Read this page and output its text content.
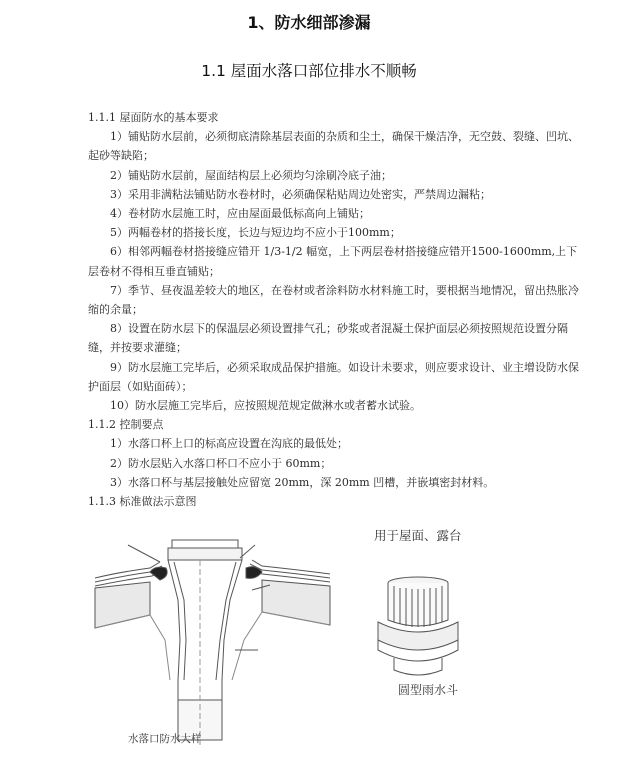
1、防水细部渗漏
1.1 屋面水落口部位排水不顺畅

1.1.1 屋面防水的基本要求

1）铺贴防水层前，必须彻底清除基层表面的杂质和尘土，确保干燥洁净，无空鼓、裂缝、凹坑、起砂等缺陷；

2）铺贴防水层前，屋面结构层上必须均匀涂刷冷底子油；

3）采用非满粘法铺贴防水卷材时，必须确保粘贴周边处密实，严禁周边漏粘；

4）卷材防水层施工时，应由屋面最低标高向上铺贴；

5）两幅卷材的搭接长度，长边与短边均不应小于100mm；

6）相邻两幅卷材搭接缝应错开 1/3-1/2 幅宽，上下两层卷材搭接缝应错开1500-1600mm,上下层卷材不得相互垂直铺贴；

7）季节、昼夜温差较大的地区，在卷材或者涂料防水材料施工时，要根据当地情况，留出热胀冷缩的余量；

8）设置在防水层下的保温层必须设置排气孔；砂浆或者混凝土保护面层必须按照规范设置分隔缝，并按要求灌缝；

9）防水层施工完毕后，必须采取成品保护措施。如设计未要求，则应要求设计、业主增设防水保护面层（如贴面砖）；

10）防水层施工完毕后，应按照规范规定做淋水或者蓄水试验。

1.1.2 控制要点

1）水落口杯上口的标高应设置在沟底的最低处；

2）防水层贴入水落口杯口不应小于 60mm；

3）水落口杯与基层接触处应留宽 20mm，深 20mm 凹槽，并嵌填密封材料。

1.1.3 标准做法示意图

水落口防水大样
用于屋面、露台
圆型雨水斗
